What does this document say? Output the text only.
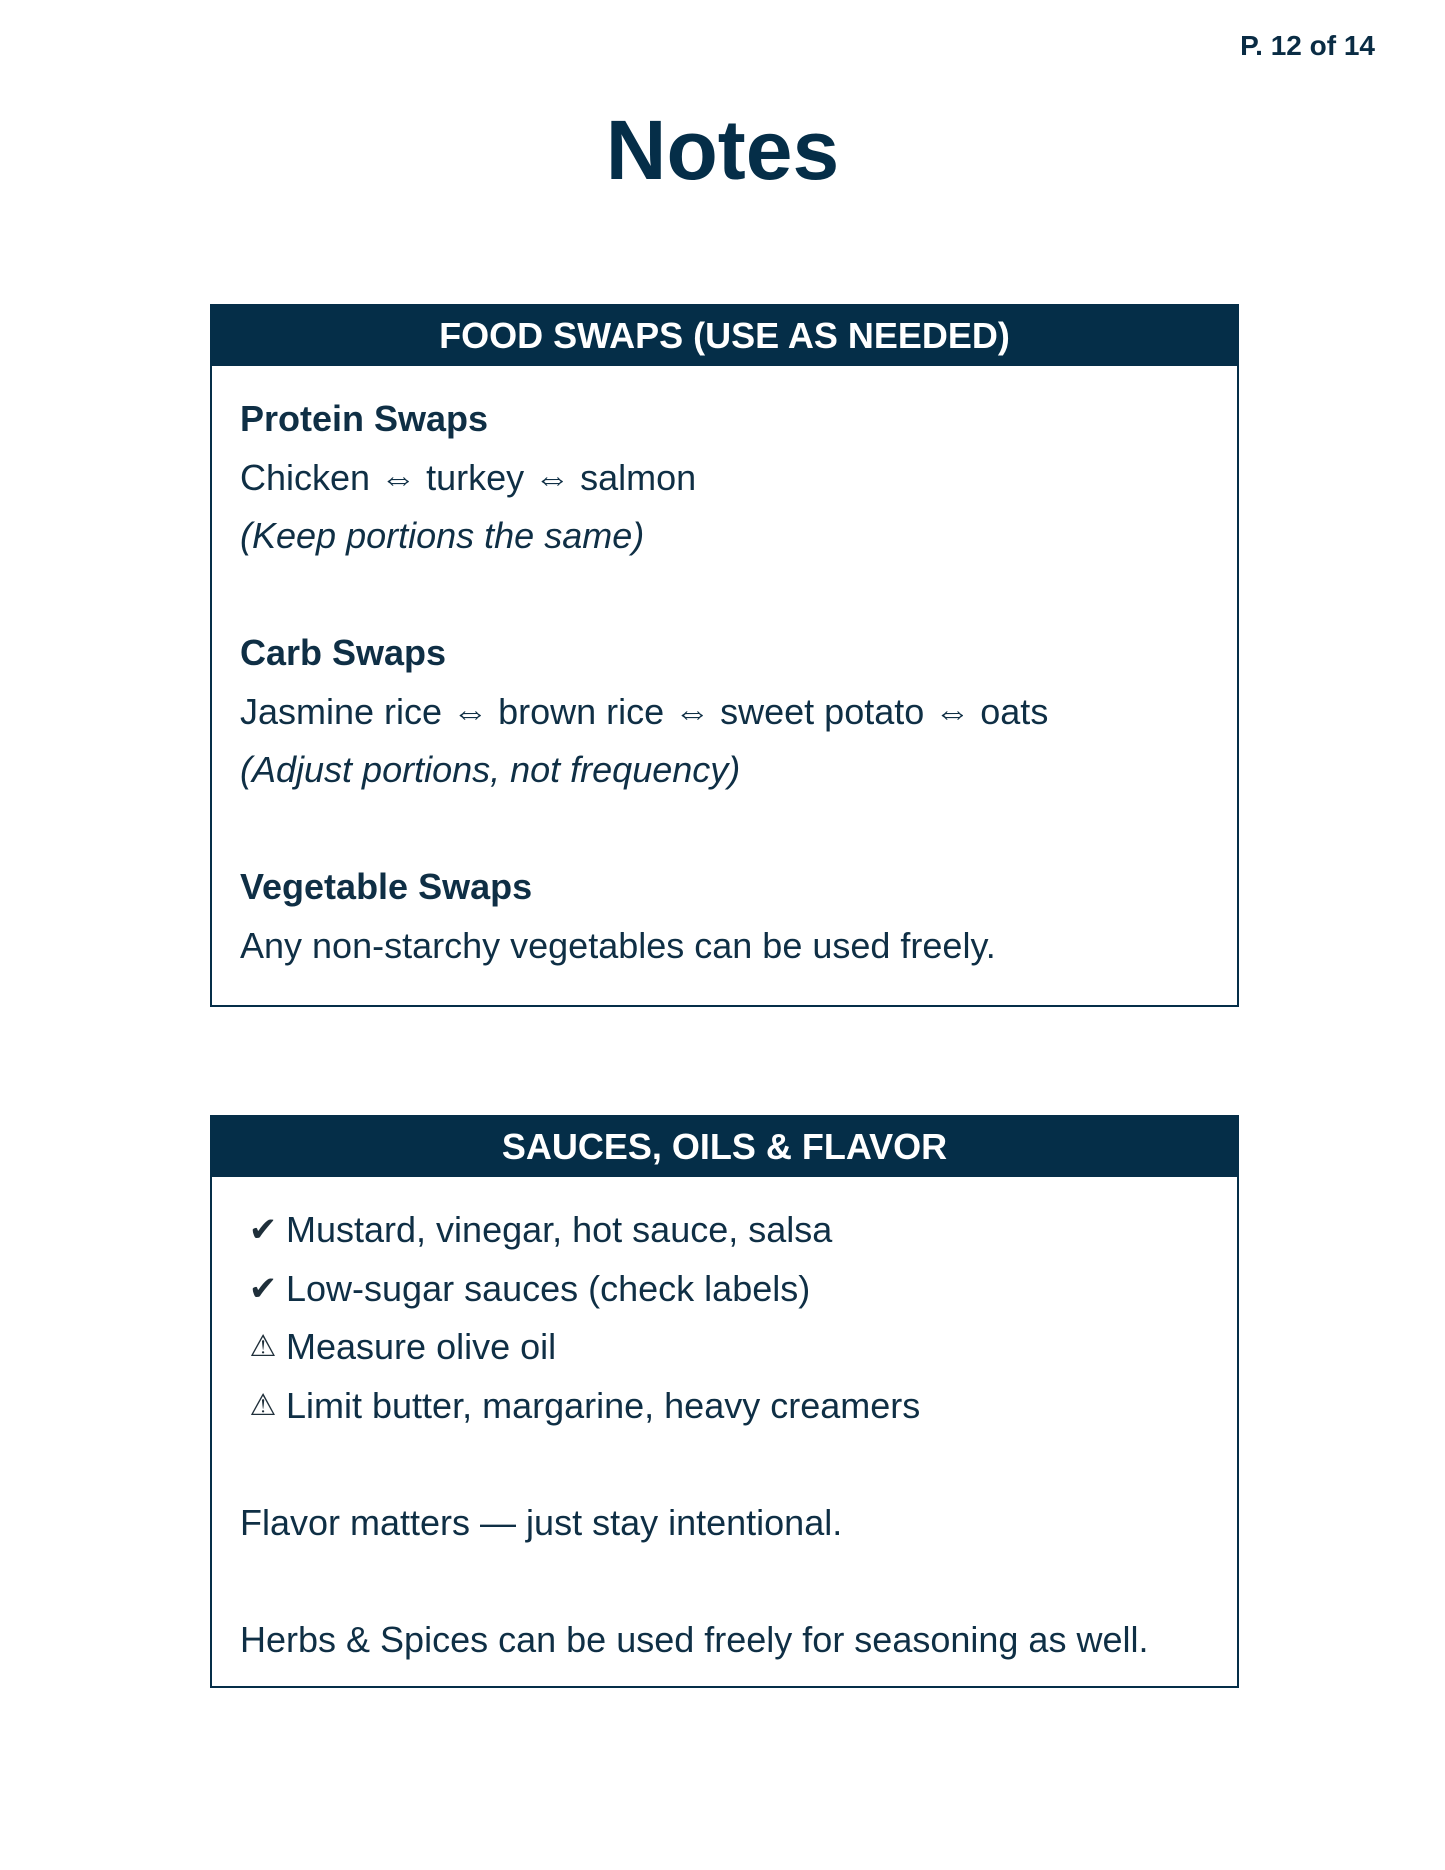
P. 12 of 14
Notes
FOOD SWAPS (USE AS NEEDED)
Protein Swaps
Chicken ⇔ turkey ⇔ salmon
(Keep portions the same)
Carb Swaps
Jasmine rice ⇔ brown rice ⇔ sweet potato ⇔ oats
(Adjust portions, not frequency)
Vegetable Swaps
Any non-starchy vegetables can be used freely.
SAUCES, OILS & FLAVOR
✔ Mustard, vinegar, hot sauce, salsa
✔ Low-sugar sauces (check labels)
⚠ Measure olive oil
⚠ Limit butter, margarine, heavy creamers
Flavor matters — just stay intentional.
Herbs & Spices can be used freely for seasoning as well.
